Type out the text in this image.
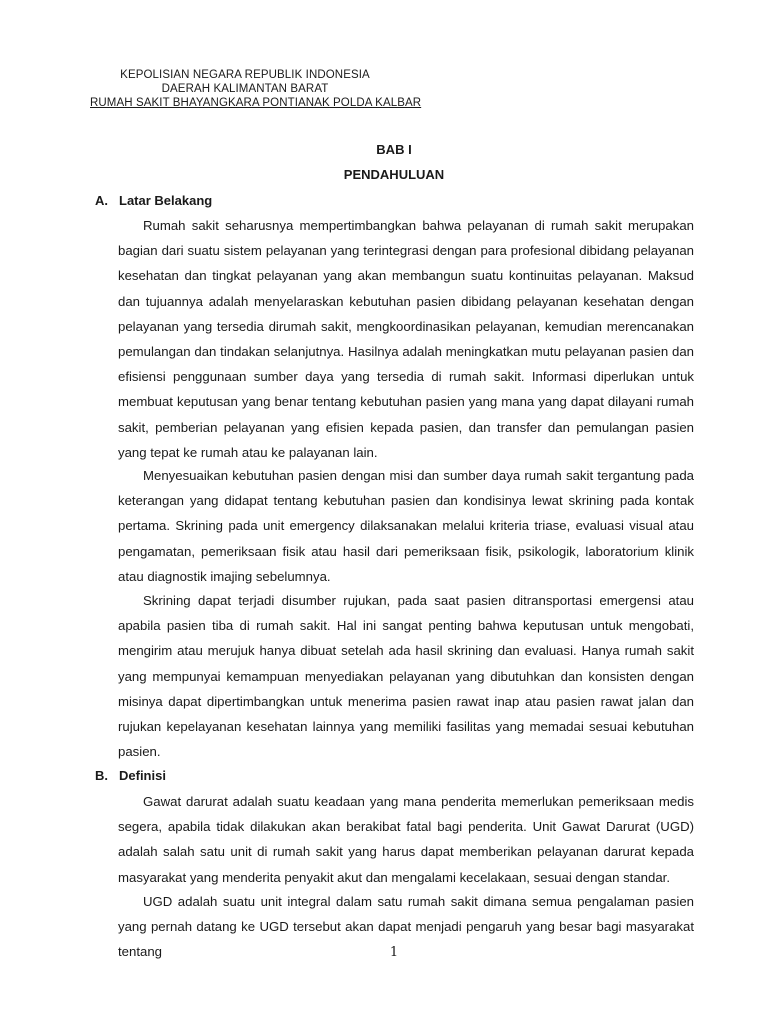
KEPOLISIAN NEGARA REPUBLIK INDONESIA
DAERAH KALIMANTAN BARAT
RUMAH SAKIT BHAYANGKARA PONTIANAK POLDA KALBAR
BAB I
PENDAHULUAN
A. Latar Belakang

Rumah sakit seharusnya mempertimbangkan bahwa pelayanan di rumah sakit merupakan bagian dari suatu sistem pelayanan yang terintegrasi dengan para profesional dibidang pelayanan kesehatan dan tingkat pelayanan yang akan membangun suatu kontinuitas pelayanan. Maksud dan tujuannya adalah menyelaraskan kebutuhan pasien dibidang pelayanan kesehatan dengan pelayanan yang tersedia dirumah sakit, mengkoordinasikan pelayanan, kemudian merencanakan pemulangan dan tindakan selanjutnya. Hasilnya adalah meningkatkan mutu pelayanan pasien dan efisiensi penggunaan sumber daya yang tersedia di rumah sakit. Informasi diperlukan untuk membuat keputusan yang benar tentang kebutuhan pasien yang mana yang dapat dilayani rumah sakit, pemberian pelayanan yang efisien kepada pasien, dan transfer dan pemulangan pasien yang tepat ke rumah atau ke palayanan lain.

Menyesuaikan kebutuhan pasien dengan misi dan sumber daya rumah sakit tergantung pada keterangan yang didapat tentang kebutuhan pasien dan kondisinya lewat skrining pada kontak pertama. Skrining pada unit emergency dilaksanakan melalui kriteria triase, evaluasi visual atau pengamatan, pemeriksaan fisik atau hasil dari pemeriksaan fisik, psikologik, laboratorium klinik atau diagnostik imajing sebelumnya.

Skrining dapat terjadi disumber rujukan, pada saat pasien ditransportasi emergensi atau apabila pasien tiba di rumah sakit. Hal ini sangat penting bahwa keputusan untuk mengobati, mengirim atau merujuk hanya dibuat setelah ada hasil skrining dan evaluasi. Hanya rumah sakit yang mempunyai kemampuan menyediakan pelayanan yang dibutuhkan dan konsisten dengan misinya dapat dipertimbangkan untuk menerima pasien rawat inap atau pasien rawat jalan dan rujukan kepelayanan kesehatan lainnya yang memiliki fasilitas yang memadai sesuai kebutuhan pasien.

B. Definisi

Gawat darurat adalah suatu keadaan yang mana penderita memerlukan pemeriksaan medis segera, apabila tidak dilakukan akan berakibat fatal bagi penderita. Unit Gawat Darurat (UGD) adalah salah satu unit di rumah sakit yang harus dapat memberikan pelayanan darurat kepada masyarakat yang menderita penyakit akut dan mengalami kecelakaan, sesuai dengan standar.

UGD adalah suatu unit integral dalam satu rumah sakit dimana semua pengalaman pasien yang pernah datang ke UGD tersebut akan dapat menjadi pengaruh yang besar bagi masyarakat tentang	1
